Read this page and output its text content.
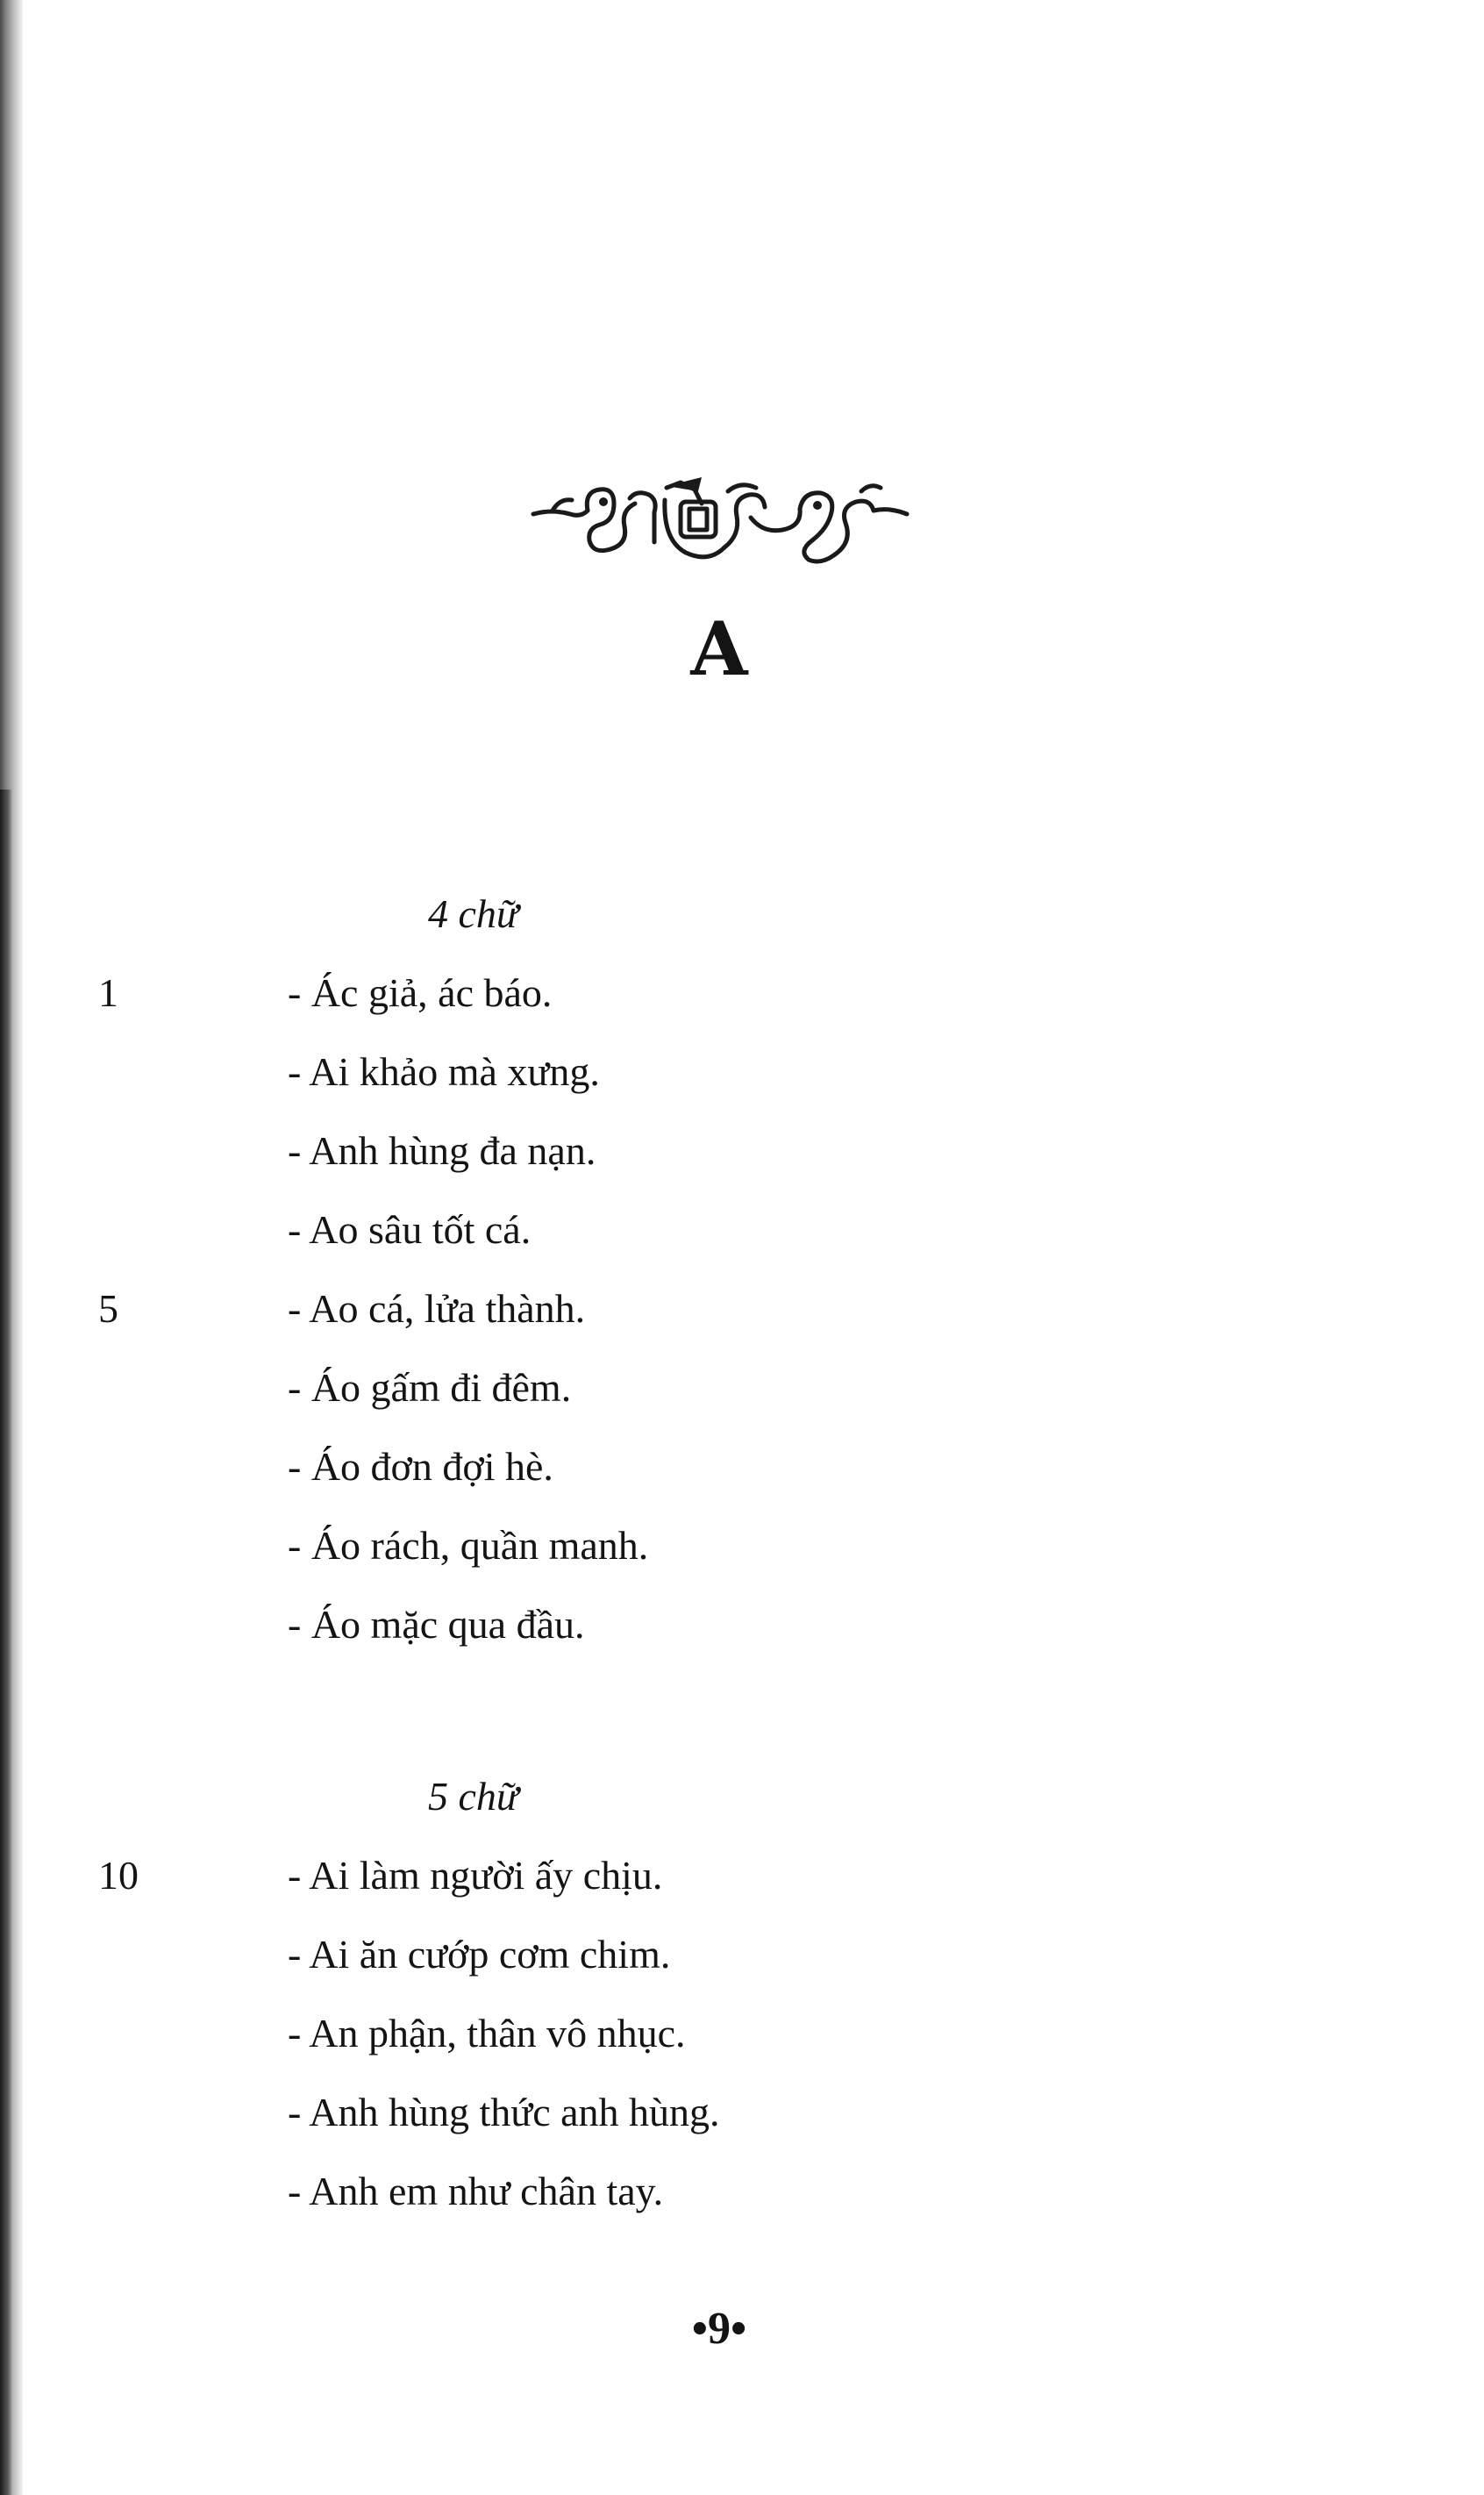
A
4 chữ
1
5
- Ác giả, ác báo.
- Ai khảo mà xưng.
- Anh hùng đa nạn.
- Ao sâu tốt cá.
- Ao cá, lửa thành.
- Áo gấm đi đêm.
- Áo đơn đợi hè.
- Áo rách, quần manh.
- Áo mặc qua đầu.
5 chữ
10	- Ai làm người ấy chịu.
- Ai ăn cướp cơm chim.
- An phận, thân vô nhục.
- Anh hùng thức anh hùng.
- Anh em như chân tay.
•9•
